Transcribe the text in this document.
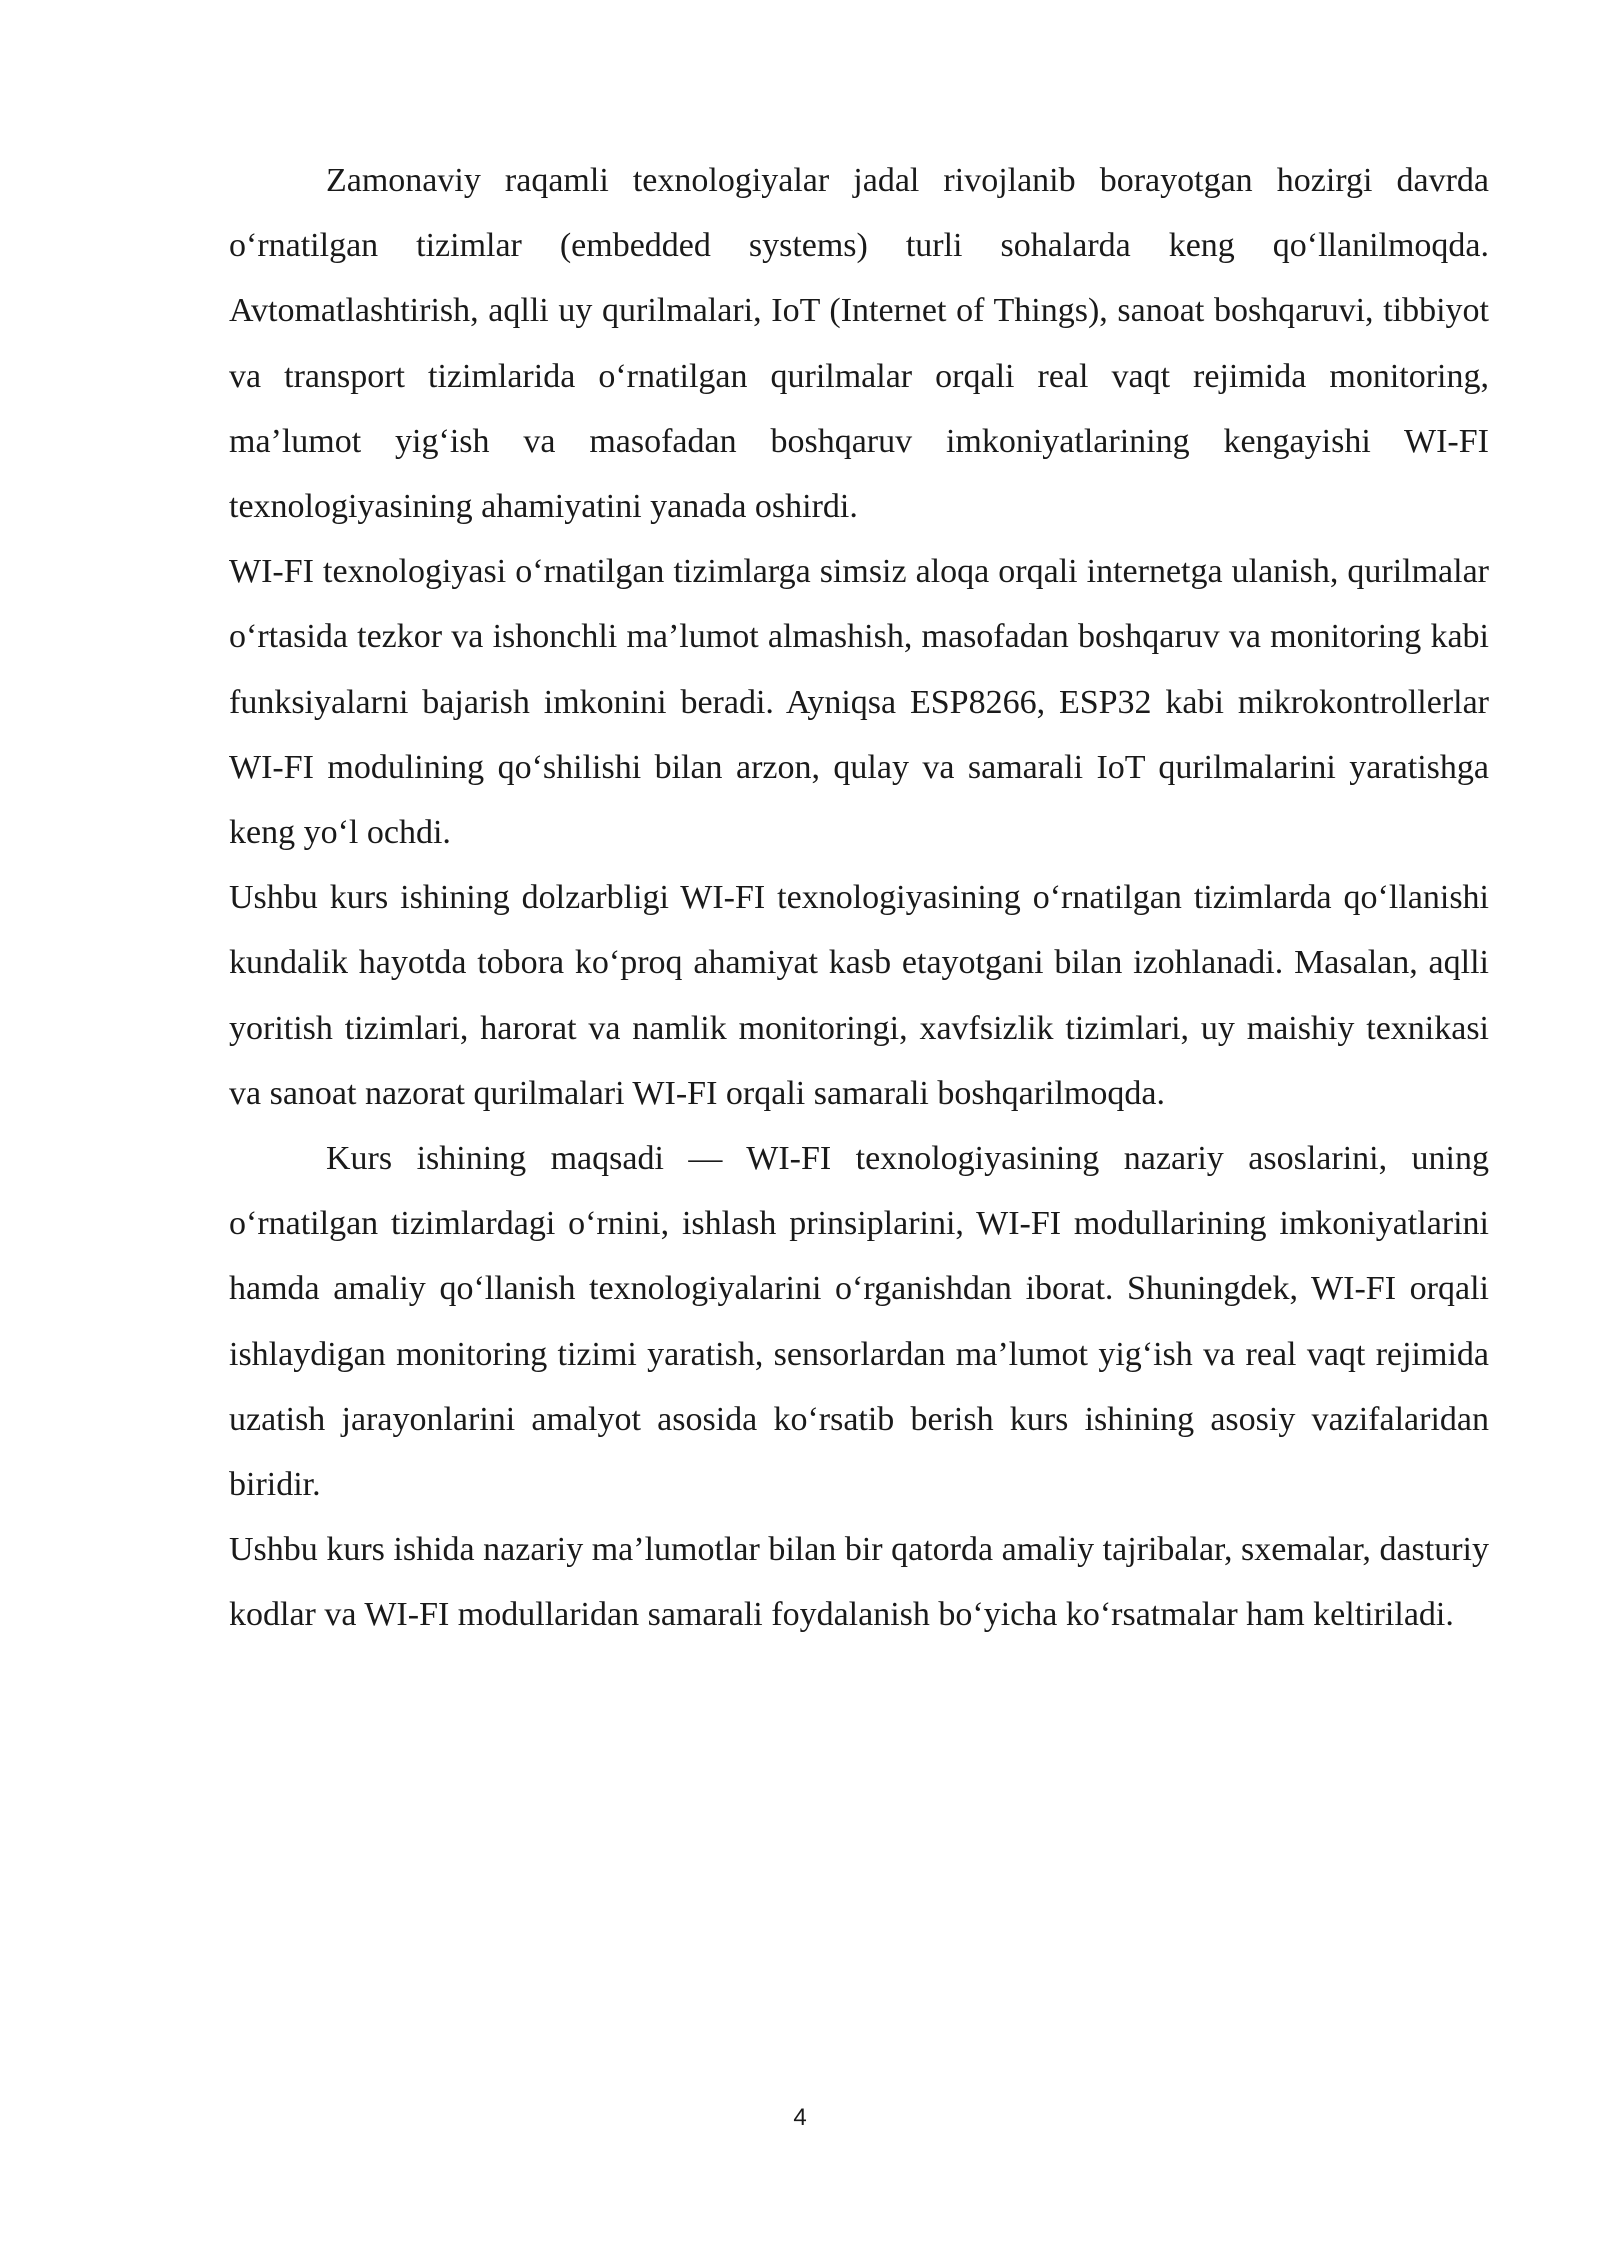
Zamonaviy raqamli texnologiyalar jadal rivojlanib borayotgan hozirgi davrda o‘rnatilgan tizimlar (embedded systems) turli sohalarda keng qo‘llanilmoqda. Avtomatlashtirish, aqlli uy qurilmalari, IoT (Internet of Things), sanoat boshqaruvi, tibbiyot va transport tizimlarida o‘rnatilgan qurilmalar orqali real vaqt rejimida monitoring, ma’lumot yig‘ish va masofadan boshqaruv imkoniyatlarining kengayishi WI-FI texnologiyasining ahamiyatini yanada oshirdi.

WI-FI texnologiyasi o‘rnatilgan tizimlarga simsiz aloqa orqali internetga ulanish, qurilmalar o‘rtasida tezkor va ishonchli ma’lumot almashish, masofadan boshqaruv va monitoring kabi funksiyalarni bajarish imkonini beradi. Ayniqsa ESP8266, ESP32 kabi mikrokontrollerlar WI-FI modulining qo‘shilishi bilan arzon, qulay va samarali IoT qurilmalarini yaratishga keng yo‘l ochdi.

Ushbu kurs ishining dolzarbligi WI-FI texnologiyasining o‘rnatilgan tizimlarda qo‘llanishi kundalik hayotda tobora ko‘proq ahamiyat kasb etayotgani bilan izohlanadi. Masalan, aqlli yoritish tizimlari, harorat va namlik monitoringi, xavfsizlik tizimlari, uy maishiy texnikasi va sanoat nazorat qurilmalari WI-FI orqali samarali boshqarilmoqda.

Kurs ishining maqsadi — WI-FI texnologiyasining nazariy asoslarini, uning o‘rnatilgan tizimlardagi o‘rnini, ishlash prinsiplarini, WI-FI modullarining imkoniyatlarini hamda amaliy qo‘llanish texnologiyalarini o‘rganishdan iborat. Shuningdek, WI-FI orqali ishlaydigan monitoring tizimi yaratish, sensorlardan ma’lumot yig‘ish va real vaqt rejimida uzatish jarayonlarini amalyot asosida ko‘rsatib berish kurs ishining asosiy vazifalaridan biridir.

Ushbu kurs ishida nazariy ma’lumotlar bilan bir qatorda amaliy tajribalar, sxemalar, dasturiy kodlar va WI-FI modullaridan samarali foydalanish bo‘yicha ko‘rsatmalar ham keltiriladi.

4
